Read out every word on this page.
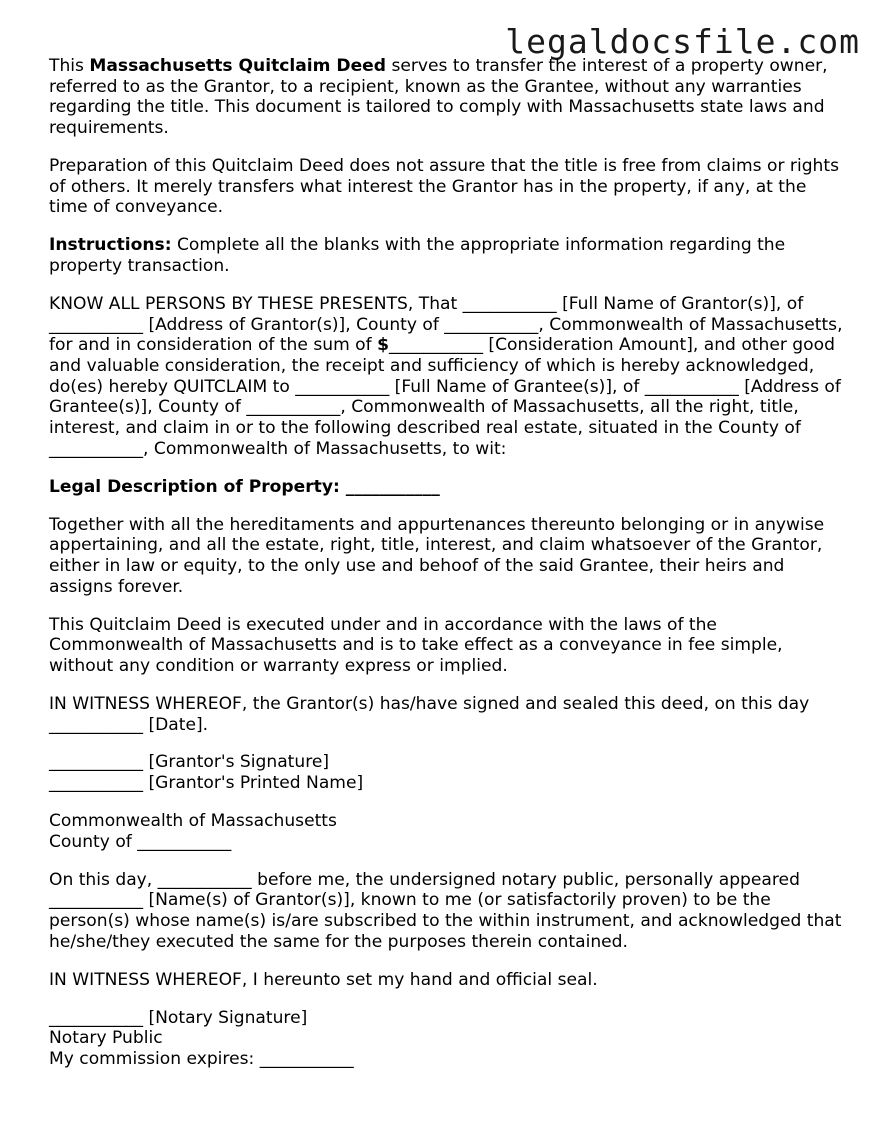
legaldocsfile.com

This Massachusetts Quitclaim Deed serves to transfer the interest of a property owner, referred to as the Grantor, to a recipient, known as the Grantee, without any warranties regarding the title. This document is tailored to comply with Massachusetts state laws and requirements.

Preparation of this Quitclaim Deed does not assure that the title is free from claims or rights of others. It merely transfers what interest the Grantor has in the property, if any, at the time of conveyance.

Instructions: Complete all the blanks with the appropriate information regarding the property transaction.

KNOW ALL PERSONS BY THESE PRESENTS, That ___________ [Full Name of Grantor(s)], of ___________ [Address of Grantor(s)], County of ___________, Commonwealth of Massachusetts, for and in consideration of the sum of $___________ [Consideration Amount], and other good and valuable consideration, the receipt and sufficiency of which is hereby acknowledged, do(es) hereby QUITCLAIM to ___________ [Full Name of Grantee(s)], of ___________ [Address of Grantee(s)], County of ___________, Commonwealth of Massachusetts, all the right, title, interest, and claim in or to the following described real estate, situated in the County of ___________, Commonwealth of Massachusetts, to wit:

Legal Description of Property: ___________

Together with all the hereditaments and appurtenances thereunto belonging or in anywise appertaining, and all the estate, right, title, interest, and claim whatsoever of the Grantor, either in law or equity, to the only use and behoof of the said Grantee, their heirs and assigns forever.

This Quitclaim Deed is executed under and in accordance with the laws of the Commonwealth of Massachusetts and is to take effect as a conveyance in fee simple, without any condition or warranty express or implied.

IN WITNESS WHEREOF, the Grantor(s) has/have signed and sealed this deed, on this day ___________ [Date].

___________ [Grantor's Signature]

___________ [Grantor's Printed Name]

Commonwealth of Massachusetts

County of ___________

On this day, ___________ before me, the undersigned notary public, personally appeared ___________ [Name(s) of Grantor(s)], known to me (or satisfactorily proven) to be the person(s) whose name(s) is/are subscribed to the within instrument, and acknowledged that he/she/they executed the same for the purposes therein contained.

IN WITNESS WHEREOF, I hereunto set my hand and official seal.

___________ [Notary Signature]

Notary Public

My commission expires: ___________
